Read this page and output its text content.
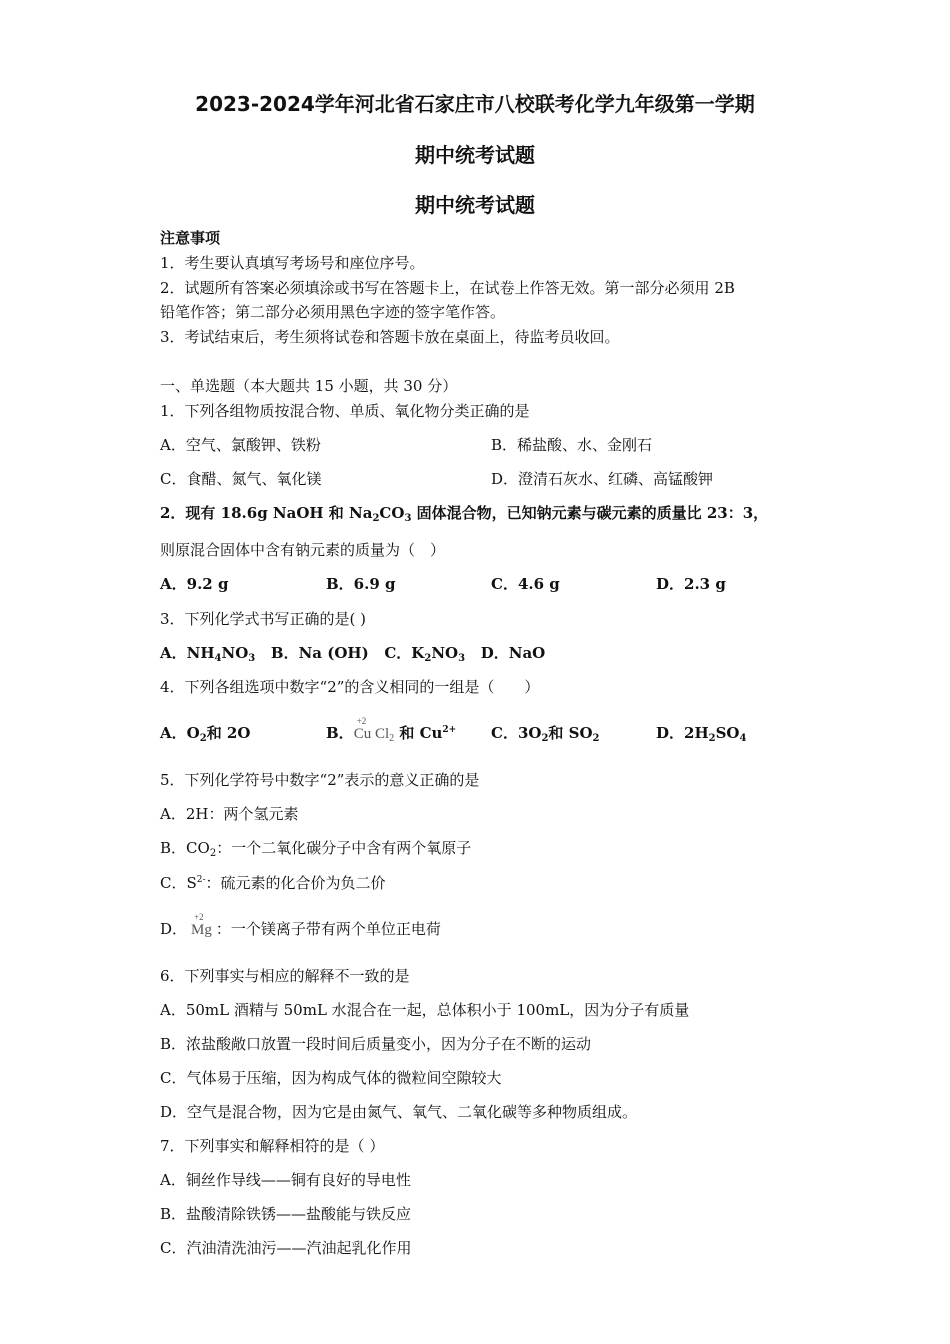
2023-2024学年河北省石家庄市八校联考化学九年级第一学期
期中统考试题
期中统考试题
注意事项
1．考生要认真填写考场号和座位序号。
2．试题所有答案必须填涂或书写在答题卡上，在试卷上作答无效。第一部分必须用 2B
铅笔作答；第二部分必须用黑色字迹的签字笔作答。
3．考试结束后，考生须将试卷和答题卡放在桌面上，待监考员收回。
一、单选题（本大题共 15 小题，共 30 分）
1．下列各组物质按混合物、单质、氧化物分类正确的是
A．空气、氯酸钾、铁粉	B．稀盐酸、水、金刚石
C．食醋、氮气、氧化镁	D．澄清石灰水、红磷、高锰酸钾
2．现有 18.6g NaOH 和 $Na_2CO_3$ 固体混合物，已知钠元素与碳元素的质量比 23：3，
则原混合固体中含有钠元素的质量为（　）
A．9.2 g	B．6.9 g	C．4.6 g	D．2.3 g
3．下列化学式书写正确的是( )
A．$NH_4NO_3$ B．Na (OH) C．$K_2NO_3$ D．NaO
4．下列各组选项中数字“2”的含义相同的一组是（　　）
A．$O_2$和 2O	B．
+2
Cu $Cl_2$ 和 $Cu^{2+}$ C．$3O_2$和 $SO_2$	D．$2H_2SO_4$
5．下列化学符号中数字“2”表示的意义正确的是
A．2H：两个氢元素
B．$CO_2$：一个二氧化碳分子中含有两个氧原子
C．$S^{2-}$：硫元素的化合价为负二价
D．
+2
Mg ：一个镁离子带有两个单位正电荷
6．下列事实与相应的解释不一致的是
A．50mL 酒精与 50mL 水混合在一起，总体积小于 100mL，因为分子有质量
B．浓盐酸敞口放置一段时间后质量变小，因为分子在不断的运动
C．气体易于压缩，因为构成气体的微粒间空隙较大
D．空气是混合物，因为它是由氮气、氧气、二氧化碳等多种物质组成。
7．下列事实和解释相符的是（ ）
A．铜丝作导线——铜有良好的导电性
B．盐酸清除铁锈——盐酸能与铁反应
C．汽油清洗油污——汽油起乳化作用
